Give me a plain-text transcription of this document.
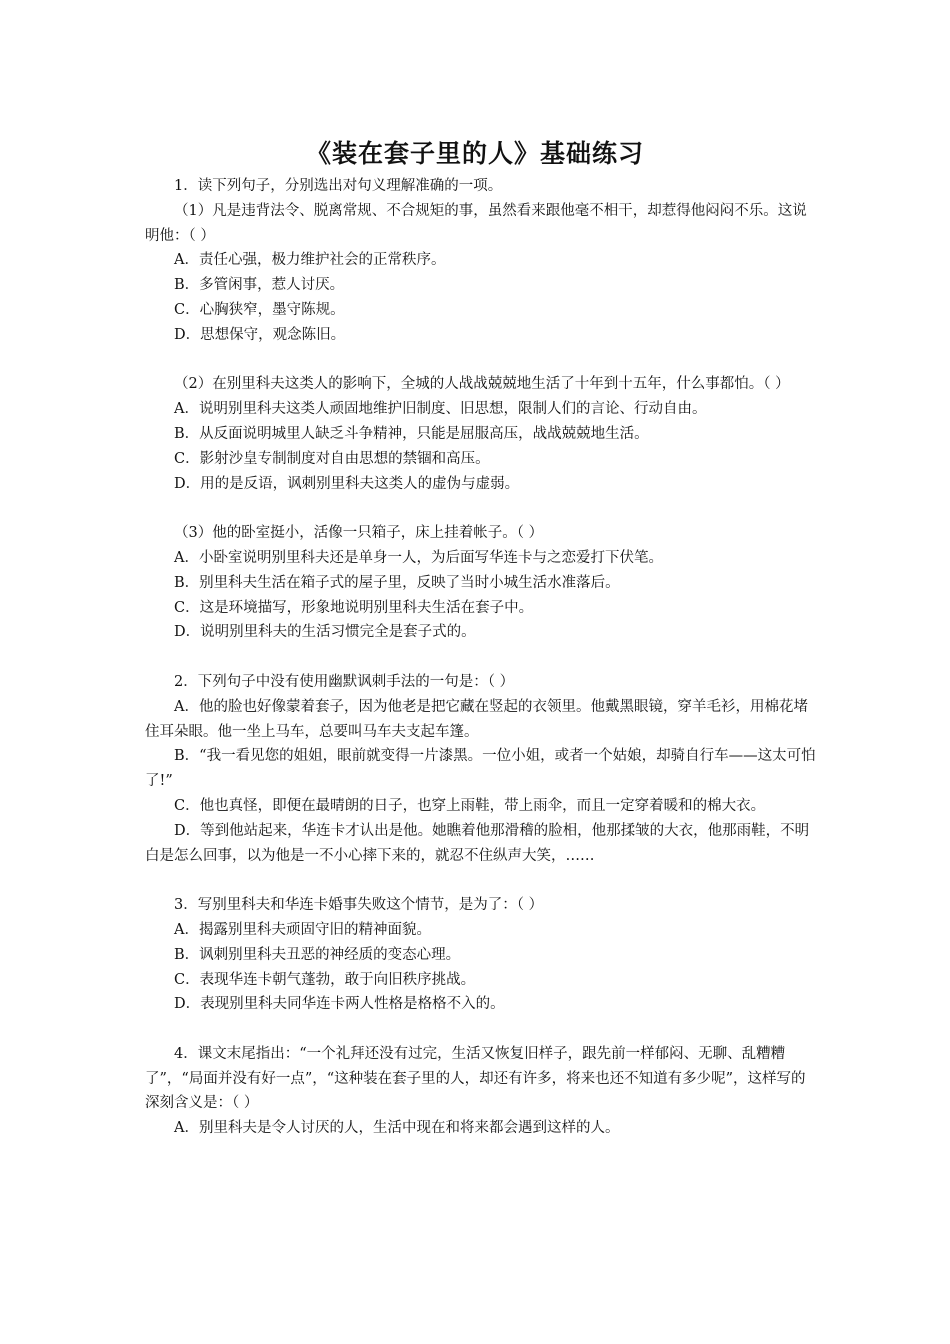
《装在套子里的人》基础练习

1．读下列句子，分别选出对句义理解准确的一项。

（1）凡是违背法令、脱离常规、不合规矩的事，虽然看来跟他毫不相干，却惹得他闷闷不乐。这说明他：（ ）

A．责任心强，极力维护社会的正常秩序。

B．多管闲事，惹人讨厌。

C．心胸狭窄，墨守陈规。

D．思想保守，观念陈旧。

（2）在别里科夫这类人的影响下，全城的人战战兢兢地生活了十年到十五年，什么事都怕。（ ）

A．说明别里科夫这类人顽固地维护旧制度、旧思想，限制人们的言论、行动自由。

B．从反面说明城里人缺乏斗争精神，只能是屈服高压，战战兢兢地生活。

C．影射沙皇专制制度对自由思想的禁锢和高压。

D．用的是反语，讽刺别里科夫这类人的虚伪与虚弱。

（3）他的卧室挺小，活像一只箱子，床上挂着帐子。（ ）

A．小卧室说明别里科夫还是单身一人，为后面写华连卡与之恋爱打下伏笔。

B．别里科夫生活在箱子式的屋子里，反映了当时小城生活水准落后。

C．这是环境描写，形象地说明别里科夫生活在套子中。

D．说明别里科夫的生活习惯完全是套子式的。

2．下列句子中没有使用幽默讽刺手法的一句是：（ ）

A．他的脸也好像蒙着套子，因为他老是把它藏在竖起的衣领里。他戴黑眼镜，穿羊毛衫，用棉花堵住耳朵眼。他一坐上马车，总要叫马车夫支起车篷。

B．“我一看见您的姐姐，眼前就变得一片漆黑。一位小姐，或者一个姑娘，却骑自行车——这太可怕了!”

C．他也真怪，即便在最晴朗的日子，也穿上雨鞋，带上雨伞，而且一定穿着暖和的棉大衣。

D．等到他站起来，华连卡才认出是他。她瞧着他那滑稽的脸相，他那揉皱的大衣，他那雨鞋，不明白是怎么回事，以为他是一不小心摔下来的，就忍不住纵声大笑，……

3．写别里科夫和华连卡婚事失败这个情节，是为了：（ ）

A．揭露别里科夫顽固守旧的精神面貌。

B．讽刺别里科夫丑恶的神经质的变态心理。

C．表现华连卡朝气蓬勃，敢于向旧秩序挑战。

D．表现别里科夫同华连卡两人性格是格格不入的。

4．课文末尾指出：“一个礼拜还没有过完，生活又恢复旧样子，跟先前一样郁闷、无聊、乱糟糟了”，“局面并没有好一点”，“这种装在套子里的人，却还有许多，将来也还不知道有多少呢”，这样写的深刻含义是：（ ）

A．别里科夫是令人讨厌的人，生活中现在和将来都会遇到这样的人。
